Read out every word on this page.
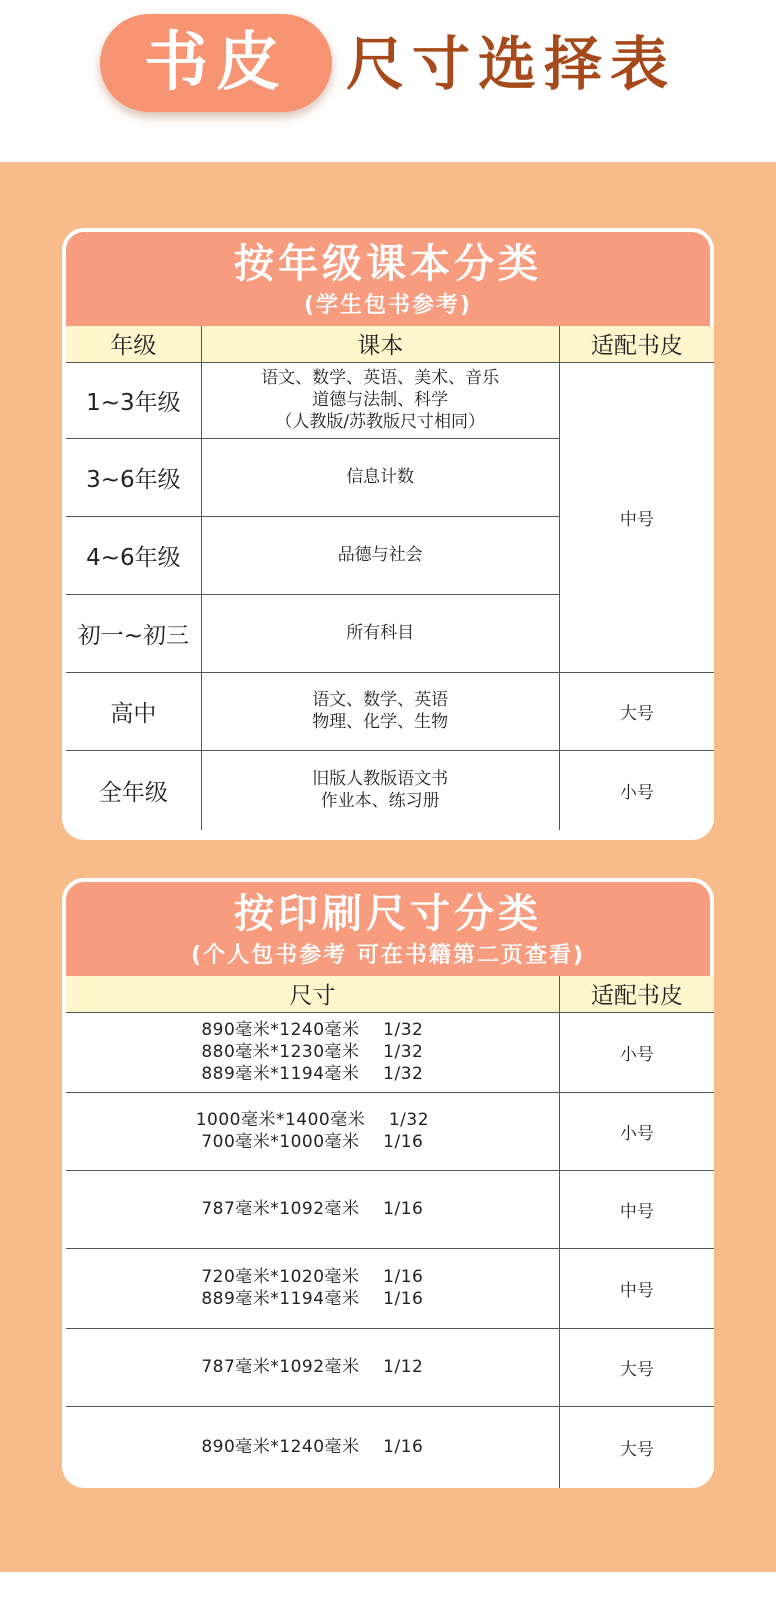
书皮	尺寸选择表
按年级课本分类
(学生包书参考)
年级	课本	适配书皮
1~3年级	语文、数学、英语、美术、音乐
道德与法制、科学
（人教版/苏教版尺寸相同）	中号
3~6年级	信息计数	

4~6年级	品德与社会	

初一~初三	所有科目	

高中	语文、数学、英语
物理、化学、生物	大号
全年级	旧版人教版语文书
作业本、练习册	小号
按印刷尺寸分类
(个人包书参考 可在书籍第二页查看)
尺寸	适配书皮

890毫米*1240毫米    1/32
880毫米*1230毫米    1/32
889毫米*1194毫米    1/32	小号

1000毫米*1400毫米    1/32
700毫米*1000毫米    1/16	小号

787毫米*1092毫米    1/16	中号

720毫米*1020毫米    1/16
889毫米*1194毫米    1/16	中号

787毫米*1092毫米    1/12	大号

890毫米*1240毫米    1/16	大号
